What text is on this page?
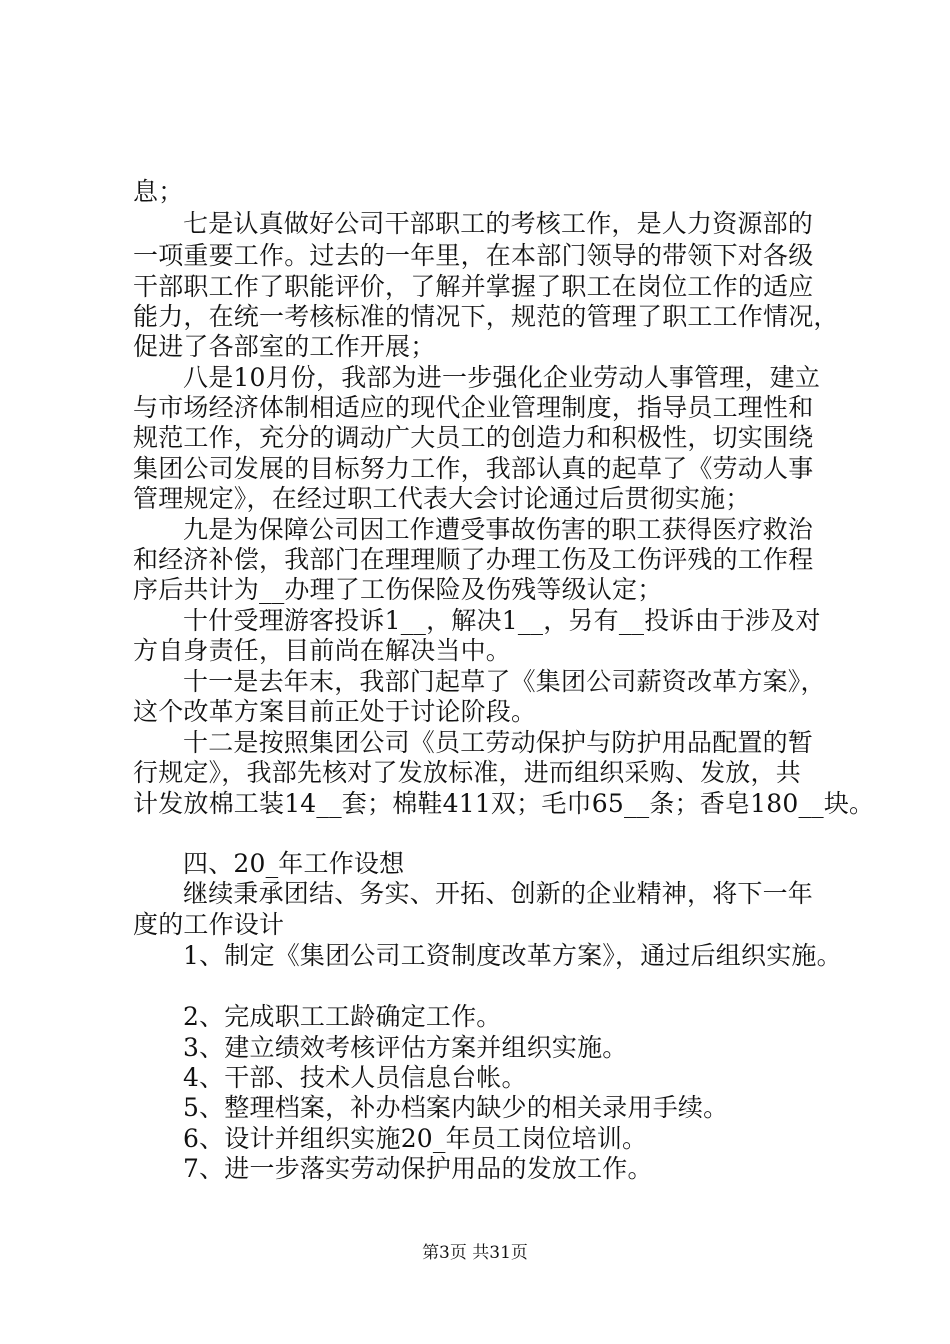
息；
七是认真做好公司干部职工的考核工作，是人力资源部的
一项重要工作。过去的一年里，在本部门领导的带领下对各级
干部职工作了职能评价，了解并掌握了职工在岗位工作的适应
能力，在统一考核标准的情况下，规范的管理了职工工作情况，
促进了各部室的工作开展；
八是10月份，我部为进一步强化企业劳动人事管理，建立
与市场经济体制相适应的现代企业管理制度，指导员工理性和
规范工作，充分的调动广大员工的创造力和积极性，切实围绕
集团公司发展的目标努力工作，我部认真的起草了《劳动人事
管理规定》，在经过职工代表大会讨论通过后贯彻实施；
九是为保障公司因工作遭受事故伤害的职工获得医疗救治
和经济补偿，我部门在理理顺了办理工伤及工伤评残的工作程
序后共计为__办理了工伤保险及伤残等级认定；
十什受理游客投诉1__，解决1__，另有__投诉由于涉及对
方自身责任，目前尚在解决当中。
十一是去年末，我部门起草了《集团公司薪资改革方案》，
这个改革方案目前正处于讨论阶段。
十二是按照集团公司《员工劳动保护与防护用品配置的暂
行规定》，我部先核对了发放标准，进而组织采购、发放，共
计发放棉工装14__套；棉鞋411双；毛巾65__条；香皂180__块。
四、20_年工作设想
继续秉承团结、务实、开拓、创新的企业精神，将下一年
度的工作设计
1、制定《集团公司工资制度改革方案》，通过后组织实施。
2、完成职工工龄确定工作。
3、建立绩效考核评估方案并组织实施。
4、干部、技术人员信息台帐。
5、整理档案，补办档案内缺少的相关录用手续。
6、设计并组织实施20_年员工岗位培训。
7、进一步落实劳动保护用品的发放工作。
第3页 共31页
